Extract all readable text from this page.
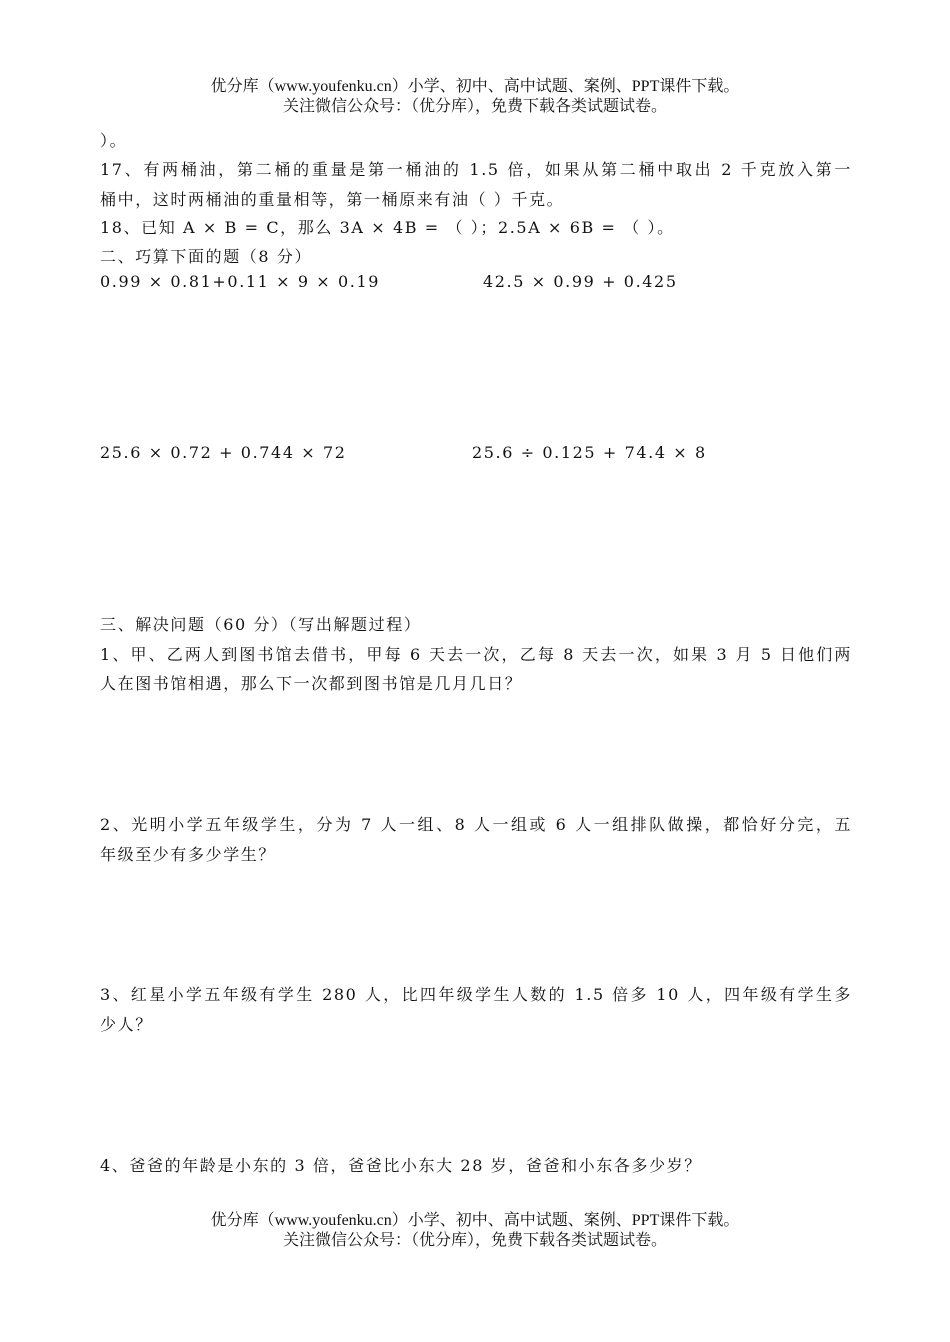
优分库（www.youfenku.cn）小学、初中、高中试题、案例、PPT课件下载。
关注微信公众号：（优分库），免费下载各类试题试卷。
）。
17、有两桶油，第二桶的重量是第一桶油的 1.5 倍，如果从第二桶中取出 2 千克放入第一
桶中，这时两桶油的重量相等，第一桶原来有油（ ）千克。
18、已知 A × B = C，那么 3A × 4B = （ ）；2.5A × 6B = （ ）。
二、巧算下面的题（8 分）
0.99 × 0.81+0.11 × 9 × 0.19	42.5 × 0.99 + 0.425
25.6 × 0.72 + 0.744 × 72	25.6 ÷ 0.125 + 74.4 × 8
三、解决问题（60 分）（写出解题过程）
1、甲、乙两人到图书馆去借书，甲每 6 天去一次，乙每 8 天去一次，如果 3 月 5 日他们两
人在图书馆相遇，那么下一次都到图书馆是几月几日？
2、光明小学五年级学生，分为 7 人一组、8 人一组或 6 人一组排队做操，都恰好分完，五
年级至少有多少学生？
3、红星小学五年级有学生 280 人，比四年级学生人数的 1.5 倍多 10 人，四年级有学生多
少人？
4、爸爸的年龄是小东的 3 倍，爸爸比小东大 28 岁，爸爸和小东各多少岁？
优分库（www.youfenku.cn）小学、初中、高中试题、案例、PPT课件下载。
关注微信公众号：（优分库），免费下载各类试题试卷。
